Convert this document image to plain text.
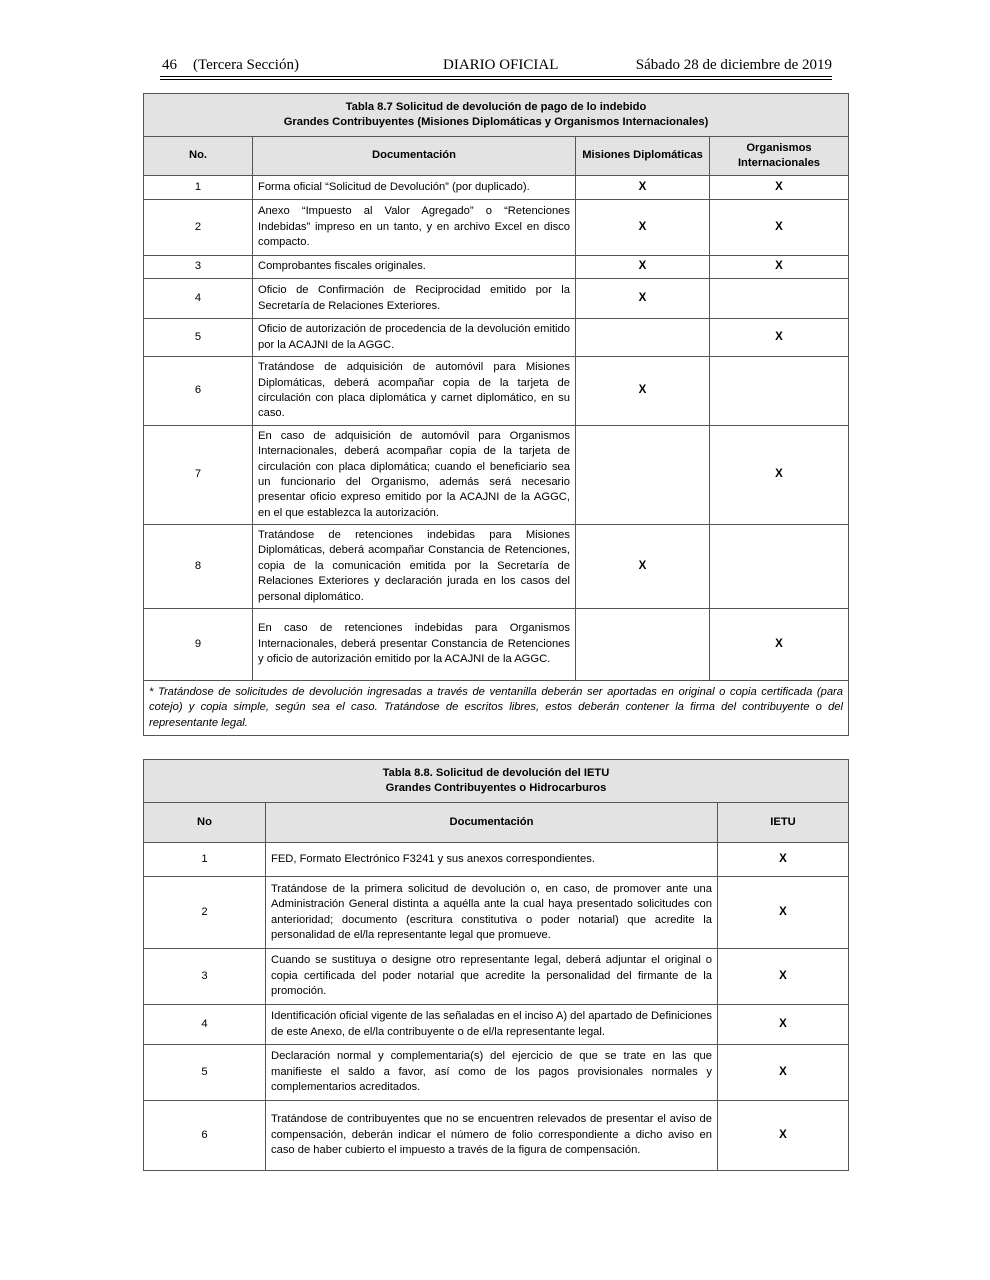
46 (Tercera Sección)	DIARIO OFICIAL	Sábado 28 de diciembre de 2019
Tabla 8.7 Solicitud de devolución de pago de lo indebido
Grandes Contribuyentes (Misiones Diplomáticas y Organismos Internacionales)			

No.	Documentación	Misiones Diplomáticas	Organismos Internacionales
1	Forma oficial “Solicitud de Devolución” (por duplicado).	X	X
2	Anexo “Impuesto al Valor Agregado” o “Retenciones Indebidas” impreso en un tanto, y en archivo Excel en disco compacto.	X	X
3	Comprobantes fiscales originales.	X	X
4	Oficio de Confirmación de Reciprocidad emitido por la Secretaría de Relaciones Exteriores.	X	
5	Oficio de autorización de procedencia de la devolución emitido por la ACAJNI de la AGGC.		X
6	Tratándose de adquisición de automóvil para Misiones Diplomáticas, deberá acompañar copia de la tarjeta de circulación con placa diplomática y carnet diplomático, en su caso.	X	
7	En caso de adquisición de automóvil para Organismos Internacionales, deberá acompañar copia de la tarjeta de circulación con placa diplomática; cuando el beneficiario sea un funcionario del Organismo, además será necesario presentar oficio expreso emitido por la ACAJNI de la AGGC, en el que establezca la autorización.		X
8	Tratándose de retenciones indebidas para Misiones Diplomáticas, deberá acompañar Constancia de Retenciones, copia de la comunicación emitida por la Secretaría de Relaciones Exteriores y declaración jurada en los casos del personal diplomático.	X	
9	En caso de retenciones indebidas para Organismos Internacionales, deberá presentar Constancia de Retenciones y oficio de autorización emitido por la ACAJNI de la AGGC.		X
* Tratándose de solicitudes de devolución ingresadas a través de ventanilla deberán ser aportadas en original o copia certificada (para cotejo) y copia simple, según sea el caso. Tratándose de escritos libres, estos deberán contener la firma del contribuyente o del representante legal.			
Tabla 8.8. Solicitud de devolución del IETU
Grandes Contribuyentes o Hidrocarburos		

No	Documentación	IETU
1	FED, Formato Electrónico F3241 y sus anexos correspondientes.	X
2	Tratándose de la primera solicitud de devolución o, en caso, de promover ante una Administración General distinta a aquélla ante la cual haya presentado solicitudes con anterioridad; documento (escritura constitutiva o poder notarial) que acredite la personalidad de el/la representante legal que promueve.	X
3	Cuando se sustituya o designe otro representante legal, deberá adjuntar el original o copia certificada del poder notarial que acredite la personalidad del firmante de la promoción.	X
4	Identificación oficial vigente de las señaladas en el inciso A) del apartado de Definiciones de este Anexo, de el/la contribuyente o de el/la representante legal.	X
5	Declaración normal y complementaria(s) del ejercicio de que se trate en las que manifieste el saldo a favor, así como de los pagos provisionales normales y complementarios acreditados.	X
6	Tratándose de contribuyentes que no se encuentren relevados de presentar el aviso de compensación, deberán indicar el número de folio correspondiente a dicho aviso en caso de haber cubierto el impuesto a través de la figura de compensación.	X
